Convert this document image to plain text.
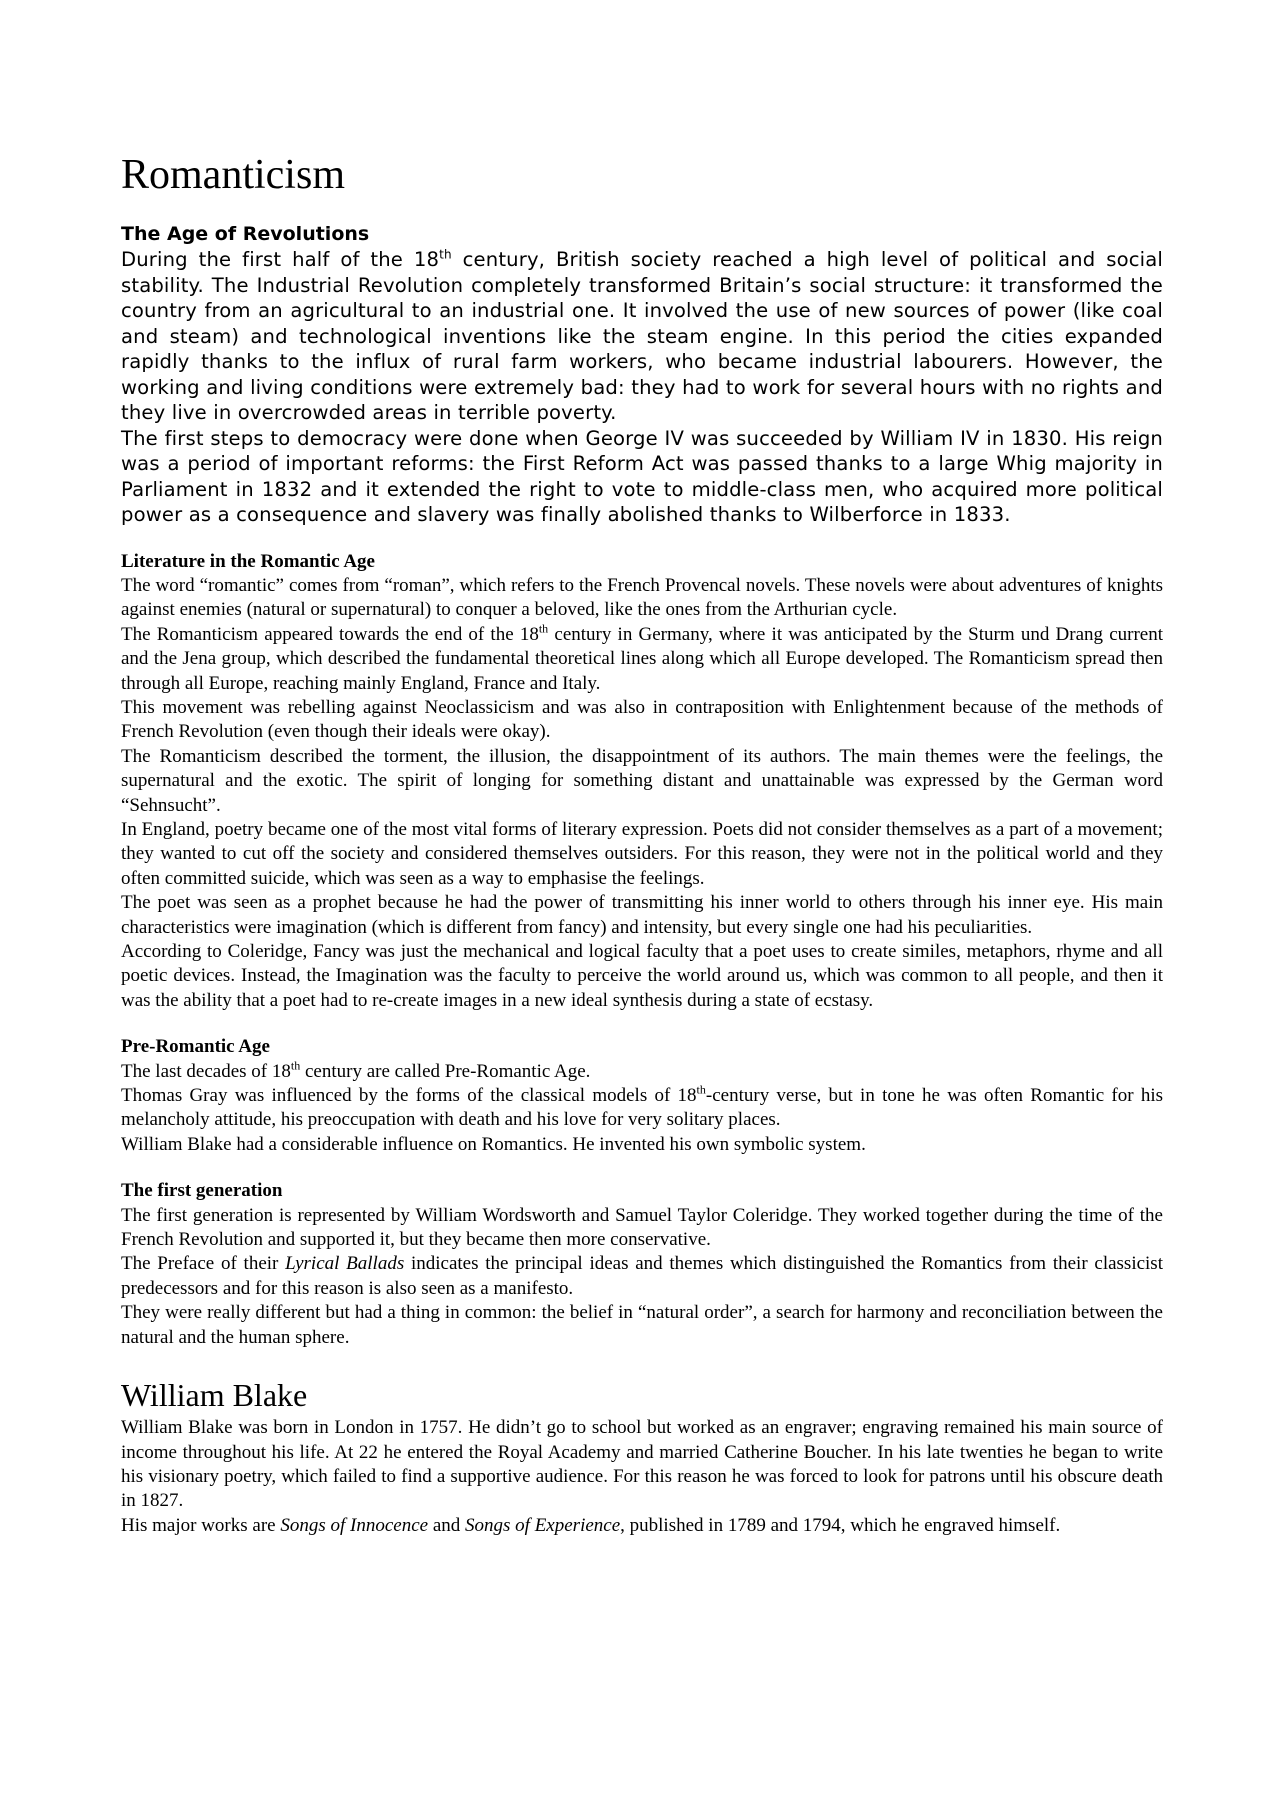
Romanticism
The Age of Revolutions

During the first half of the 18th century, British society reached a high level of political and social stability. The Industrial Revolution completely transformed Britain’s social structure: it transformed the country from an agricultural to an industrial one. It involved the use of new sources of power (like coal and steam) and technological inventions like the steam engine. In this period the cities expanded rapidly thanks to the influx of rural farm workers, who became industrial labourers. However, the working and living conditions were extremely bad: they had to work for several hours with no rights and they live in overcrowded areas in terrible poverty.

The first steps to democracy were done when George IV was succeeded by William IV in 1830. His reign was a period of important reforms: the First Reform Act was passed thanks to a large Whig majority in Parliament in 1832 and it extended the right to vote to middle-class men, who acquired more political power as a consequence and slavery was finally abolished thanks to Wilberforce in 1833.

Literature in the Romantic Age

The word “romantic” comes from “roman”, which refers to the French Provencal novels. These novels were about adventures of knights against enemies (natural or supernatural) to conquer a beloved, like the ones from the Arthurian cycle.

The Romanticism appeared towards the end of the 18th century in Germany, where it was anticipated by the Sturm und Drang current and the Jena group, which described the fundamental theoretical lines along which all Europe developed. The Romanticism spread then through all Europe, reaching mainly England, France and Italy.

This movement was rebelling against Neoclassicism and was also in contraposition with Enlightenment because of the methods of French Revolution (even though their ideals were okay).

The Romanticism described the torment, the illusion, the disappointment of its authors. The main themes were the feelings, the supernatural and the exotic. The spirit of longing for something distant and unattainable was expressed by the German word “Sehnsucht”.

In England, poetry became one of the most vital forms of literary expression. Poets did not consider themselves as a part of a movement; they wanted to cut off the society and considered themselves outsiders. For this reason, they were not in the political world and they often committed suicide, which was seen as a way to emphasise the feelings.

The poet was seen as a prophet because he had the power of transmitting his inner world to others through his inner eye. His main characteristics were imagination (which is different from fancy) and intensity, but every single one had his peculiarities.

According to Coleridge, Fancy was just the mechanical and logical faculty that a poet uses to create similes, metaphors, rhyme and all poetic devices. Instead, the Imagination was the faculty to perceive the world around us, which was common to all people, and then it was the ability that a poet had to re-create images in a new ideal synthesis during a state of ecstasy.

Pre-Romantic Age

The last decades of 18th century are called Pre-Romantic Age.

Thomas Gray was influenced by the forms of the classical models of 18th-century verse, but in tone he was often Romantic for his melancholy attitude, his preoccupation with death and his love for very solitary places.

William Blake had a considerable influence on Romantics. He invented his own symbolic system.

The first generation

The first generation is represented by William Wordsworth and Samuel Taylor Coleridge. They worked together during the time of the French Revolution and supported it, but they became then more conservative.

The Preface of their Lyrical Ballads indicates the principal ideas and themes which distinguished the Romantics from their classicist predecessors and for this reason is also seen as a manifesto.

They were really different but had a thing in common: the belief in “natural order”, a search for harmony and reconciliation between the natural and the human sphere.

William Blake

William Blake was born in London in 1757. He didn’t go to school but worked as an engraver; engraving remained his main source of income throughout his life. At 22 he entered the Royal Academy and married Catherine Boucher. In his late twenties he began to write his visionary poetry, which failed to find a supportive audience. For this reason he was forced to look for patrons until his obscure death in 1827.

His major works are Songs of Innocence and Songs of Experience, published in 1789 and 1794, which he engraved himself.
